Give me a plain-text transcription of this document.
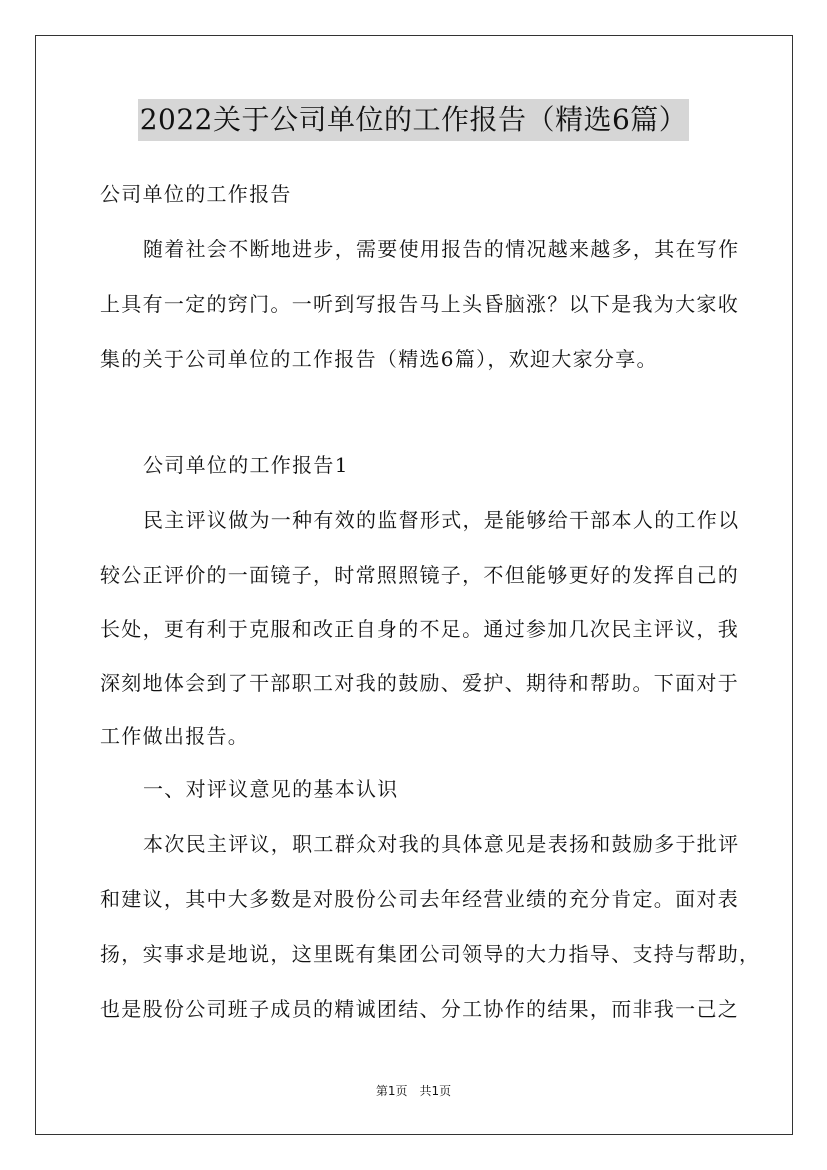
2022关于公司单位的工作报告（精选6篇）
公司单位的工作报告
随着社会不断地进步，需要使用报告的情况越来越多，其在写作
上具有一定的窍门。一听到写报告马上头昏脑涨？以下是我为大家收
集的关于公司单位的工作报告（精选6篇），欢迎大家分享。
公司单位的工作报告1
民主评议做为一种有效的监督形式，是能够给干部本人的工作以
较公正评价的一面镜子，时常照照镜子，不但能够更好的发挥自己的
长处，更有利于克服和改正自身的不足。通过参加几次民主评议，我
深刻地体会到了干部职工对我的鼓励、爱护、期待和帮助。下面对于
工作做出报告。
一、对评议意见的基本认识
本次民主评议，职工群众对我的具体意见是表扬和鼓励多于批评
和建议，其中大多数是对股份公司去年经营业绩的充分肯定。面对表
扬，实事求是地说，这里既有集团公司领导的大力指导、支持与帮助，
也是股份公司班子成员的精诚团结、分工协作的结果，而非我一己之
第1页　共1页
